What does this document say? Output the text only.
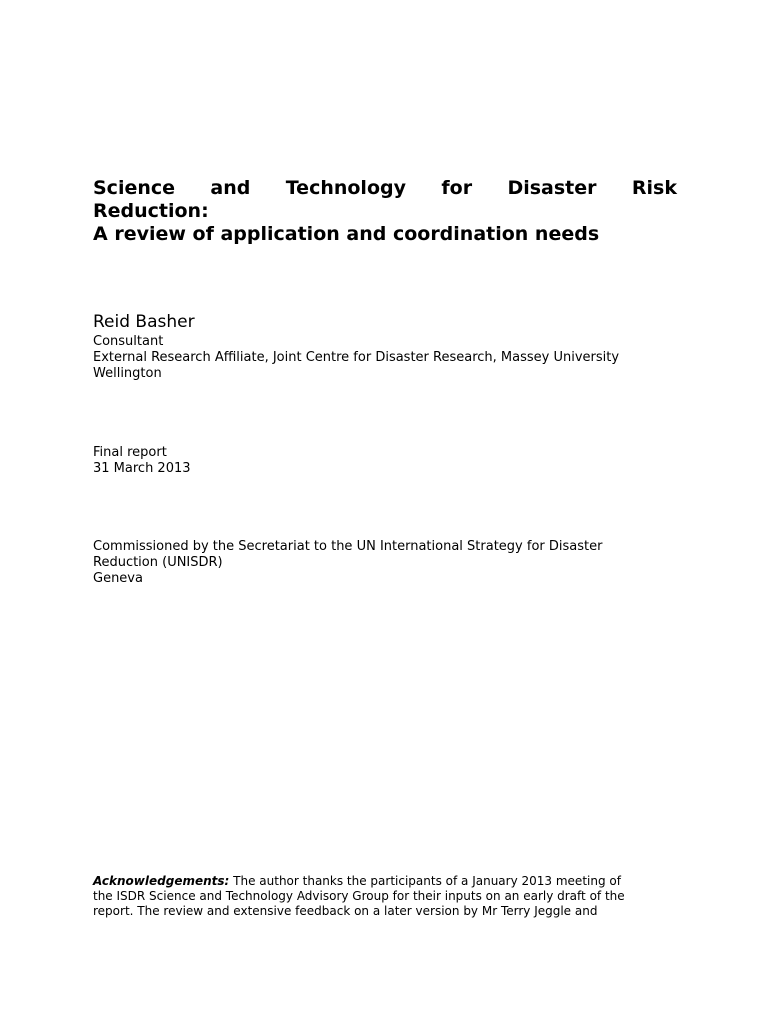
Science and Technology for Disaster Risk

Reduction:

A review of application and coordination needs

Reid Basher

Consultant

External Research Affiliate, Joint Centre for Disaster Research, Massey University

Wellington

Final report

31 March 2013

Commissioned by the Secretariat to the UN International Strategy for Disaster

Reduction (UNISDR)

Geneva

Acknowledgements: The author thanks the participants of a January 2013 meeting of

the ISDR Science and Technology Advisory Group for their inputs on an early draft of the

report. The review and extensive feedback on a later version by Mr Terry Jeggle and
